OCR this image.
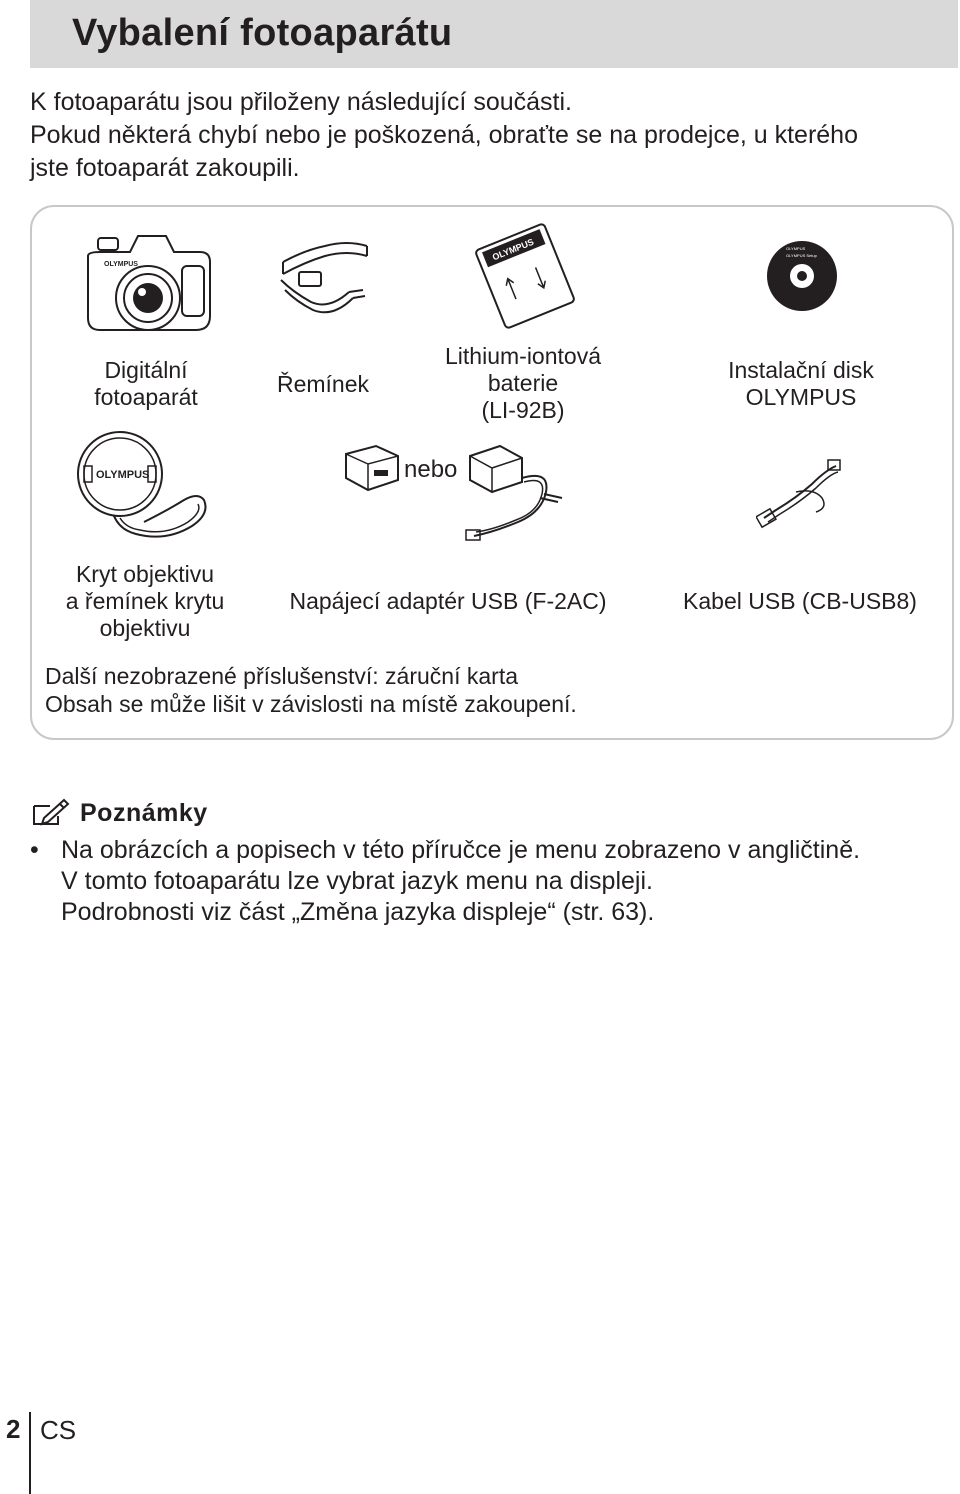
Vybalení fotoaparátu
K fotoaparátu jsou přiloženy následující součásti.
Pokud některá chybí nebo je poškozená, obraťte se na prodejce, u kterého
jste fotoaparát zakoupili.
OLYMPUS
Digitální
fotoaparát	Řemínek
OLYMPUS
Lithium-iontová
baterie
(LI-92B)
OLYMPUS
OLYMPUS Setup
Instalační disk
OLYMPUS
OLYMPUS
Kryt objektivu
a řemínek krytu
objektivu
nebo
Napájecí adaptér USB (F-2AC)	Kabel USB (CB-USB8)
Další nezobrazené příslušenství: záruční karta
Obsah se může lišit v závislosti na místě zakoupení.
Poznámky
• Na obrázcích a popisech v této příručce je menu zobrazeno v angličtině.
V tomto fotoaparátu lze vybrat jazyk menu na displeji.
Podrobnosti viz část „Změna jazyka displeje“ (str. 63).
2 CS
